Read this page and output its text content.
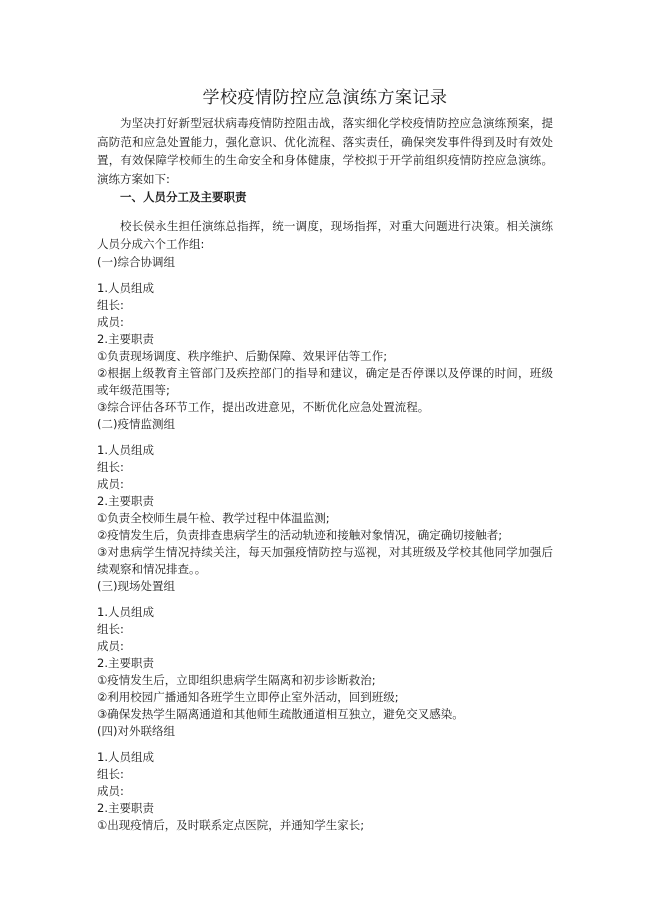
学校疫情防控应急演练方案记录

为坚决打好新型冠状病毒疫情防控阻击战，落实细化学校疫情防控应急演练预案，提高防范和应急处置能力，强化意识、优化流程、落实责任，确保突发事件得到及时有效处置，有效保障学校师生的生命安全和身体健康，学校拟于开学前组织疫情防控应急演练。演练方案如下:

一、人员分工及主要职责

校长侯永生担任演练总指挥，统一调度，现场指挥，对重大问题进行决策。相关演练人员分成六个工作组:

(一)综合协调组

1.人员组成

组长:

成员:

2.主要职责

①负责现场调度、秩序维护、后勤保障、效果评估等工作;

②根据上级教育主管部门及疾控部门的指导和建议，确定是否停课以及停课的时间，班级或年级范围等;

③综合评估各环节工作，提出改进意见，不断优化应急处置流程。

(二)疫情监测组

1.人员组成

组长:

成员:

2.主要职责

①负责全校师生晨午检、教学过程中体温监测;

②疫情发生后，负责排查患病学生的活动轨迹和接触对象情况，确定确切接触者;

③对患病学生情况持续关注，每天加强疫情防控与巡视，对其班级及学校其他同学加强后续观察和情况排查。。

(三)现场处置组

1.人员组成

组长:

成员:

2.主要职责

①疫情发生后，立即组织患病学生隔离和初步诊断救治;

②利用校园广播通知各班学生立即停止室外活动，回到班级;

③确保发热学生隔离通道和其他师生疏散通道相互独立，避免交叉感染。

(四)对外联络组

1.人员组成

组长:

成员:

2.主要职责

①出现疫情后，及时联系定点医院，并通知学生家长;
